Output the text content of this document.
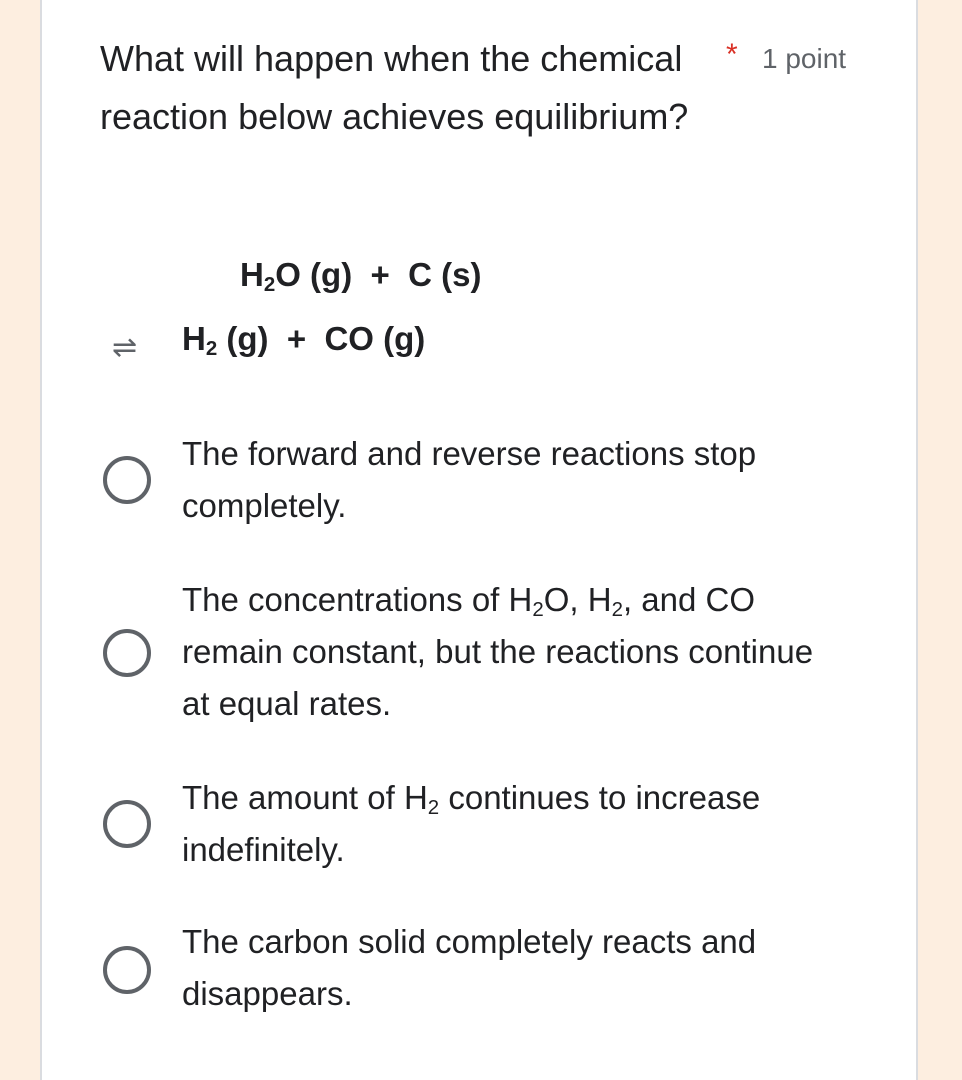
What will happen when the chemical reaction below achieves equilibrium?
* 1 point
$H_2O$ (g)  +  C (s)
⇌ $H_2$ (g)  +  CO (g)
The forward and reverse reactions stop completely.
The concentrations of $H_2O$, $H_2$, and CO remain constant, but the reactions continue at equal rates.
The amount of $H_2$ continues to increase indefinitely.
The carbon solid completely reacts and disappears.
